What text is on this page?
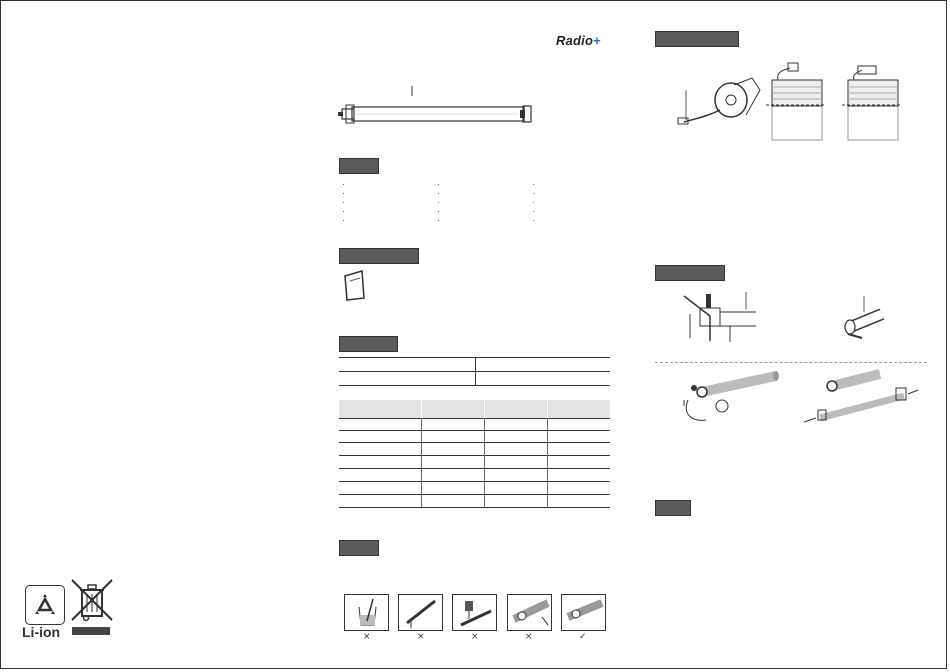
Li-ion
Radio+
×	×	×	×	✓
